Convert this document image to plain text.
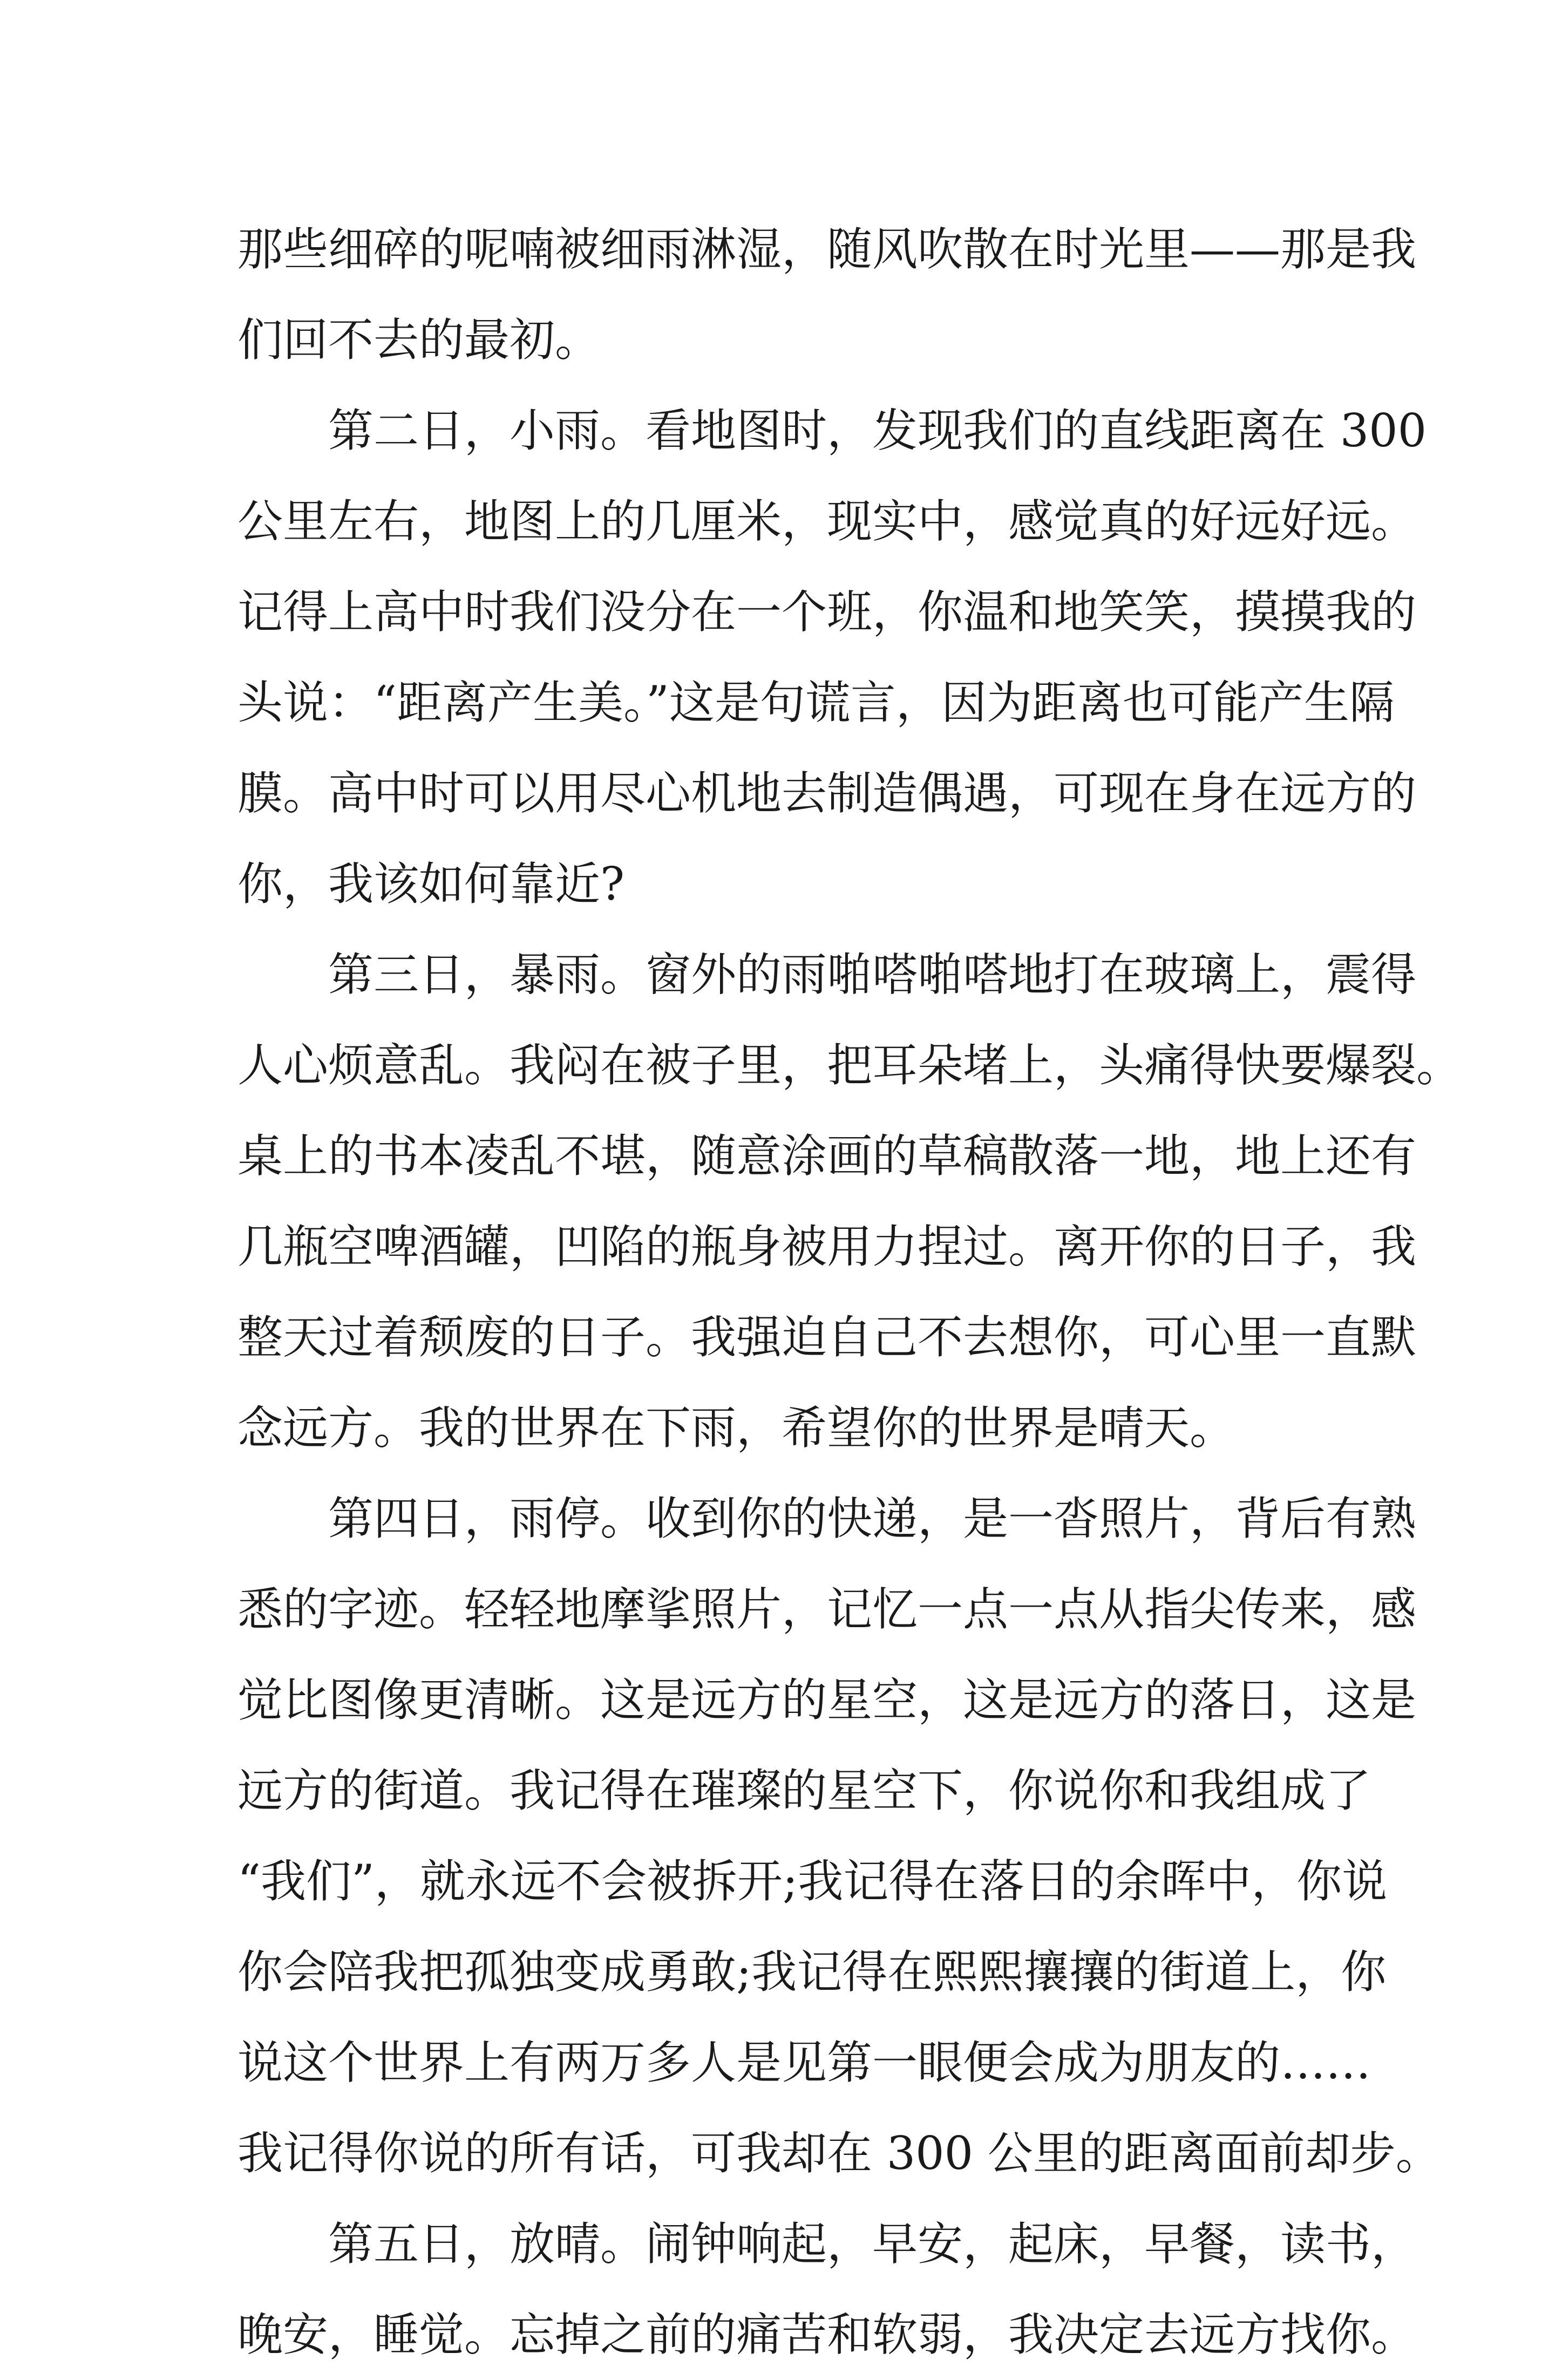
那些细碎的呢喃被细雨淋湿，随风吹散在时光里——那是我

们回不去的最初。

第二日，小雨。看地图时，发现我们的直线距离在 300

公里左右，地图上的几厘米，现实中，感觉真的好远好远。

记得上高中时我们没分在一个班，你温和地笑笑，摸摸我的

头说：“距离产生美。”这是句谎言，因为距离也可能产生隔

膜。高中时可以用尽心机地去制造偶遇，可现在身在远方的

你，我该如何靠近?

第三日，暴雨。窗外的雨啪嗒啪嗒地打在玻璃上，震得

人心烦意乱。我闷在被子里，把耳朵堵上，头痛得快要爆裂。

桌上的书本凌乱不堪，随意涂画的草稿散落一地，地上还有

几瓶空啤酒罐，凹陷的瓶身被用力捏过。离开你的日子，我

整天过着颓废的日子。我强迫自己不去想你，可心里一直默

念远方。我的世界在下雨，希望你的世界是晴天。

第四日，雨停。收到你的快递，是一沓照片，背后有熟

悉的字迹。轻轻地摩挲照片，记忆一点一点从指尖传来，感

觉比图像更清晰。这是远方的星空，这是远方的落日，这是

远方的街道。我记得在璀璨的星空下，你说你和我组成了

“我们”，就永远不会被拆开;我记得在落日的余晖中，你说

你会陪我把孤独变成勇敢;我记得在熙熙攘攘的街道上，你

说这个世界上有两万多人是见第一眼便会成为朋友的……

我记得你说的所有话，可我却在 300 公里的距离面前却步。

第五日，放晴。闹钟响起，早安，起床，早餐，读书，

晚安，睡觉。忘掉之前的痛苦和软弱，我决定去远方找你。
